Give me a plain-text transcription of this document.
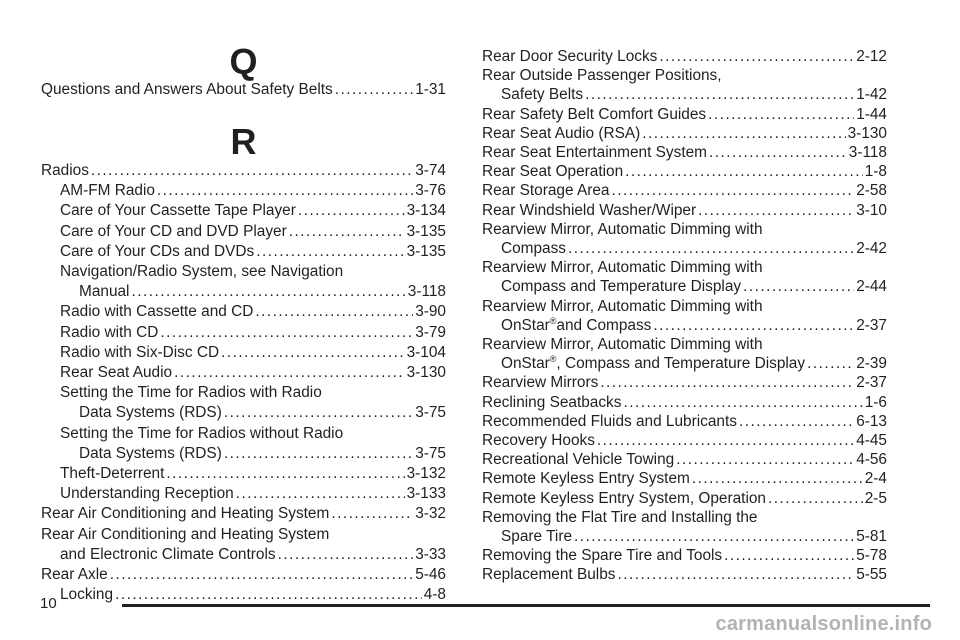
Q
Questions and Answers About Safety Belts . . .	1-31
R
Radios . . .	3-74
AM-FM Radio . . .	3-76
Care of Your Cassette Tape Player . . .	3-134
Care of Your CD and DVD Player . . .	3-135
Care of Your CDs and DVDs . . .	3-135
Navigation/Radio System, see Navigation
Manual . . .	3-118
Radio with Cassette and CD . . .	3-90
Radio with CD . . .	3-79
Radio with Six-Disc CD . . .	3-104
Rear Seat Audio . . .	3-130
Setting the Time for Radios with Radio
Data Systems (RDS) . . .	3-75
Setting the Time for Radios without Radio
Data Systems (RDS) . . .	3-75
Theft-Deterrent . . .	3-132
Understanding Reception . . .	3-133
Rear Air Conditioning and Heating System . . .	3-32
Rear Air Conditioning and Heating System
and Electronic Climate Controls . . .	3-33
Rear Axle . . .	5-46
Locking . . .	4-8
Rear Door Security Locks . . .	2-12
Rear Outside Passenger Positions,
Safety Belts . . .	1-42
Rear Safety Belt Comfort Guides . . .	1-44
Rear Seat Audio (RSA) . . .	3-130
Rear Seat Entertainment System . . .	3-118
Rear Seat Operation . . .	1-8
Rear Storage Area . . .	2-58
Rear Windshield Washer/Wiper . . .	3-10
Rearview Mirror, Automatic Dimming with
Compass . . .	2-42
Rearview Mirror, Automatic Dimming with
Compass and Temperature Display . . .	2-44
Rearview Mirror, Automatic Dimming with
OnStar®and Compass . . .	2-37
Rearview Mirror, Automatic Dimming with
OnStar®, Compass and Temperature Display . . .	2-39
Rearview Mirrors . . .	2-37
Reclining Seatbacks . . .	1-6
Recommended Fluids and Lubricants . . .	6-13
Recovery Hooks . . .	4-45
Recreational Vehicle Towing . . .	4-56
Remote Keyless Entry System . . .	2-4
Remote Keyless Entry System, Operation . . .	2-5
Removing the Flat Tire and Installing the
Spare Tire . . .	5-81
Removing the Spare Tire and Tools . . .	5-78
Replacement Bulbs . . .	5-55
10
carmanualsonline.info
